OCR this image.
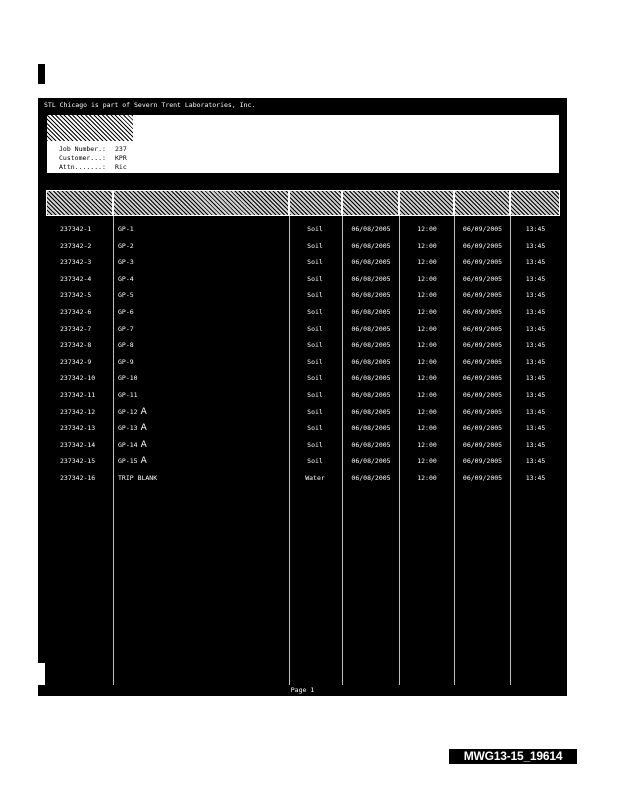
STL Chicago is part of Severn Trent Laboratories, Inc.
Job Number.:	237
Customer...:	KPR
Attn.......:	Ric
237342-1	GP-1	Soil	06/08/2005	12:00	06/09/2005	13:45
237342-2	GP-2	Soil	06/08/2005	12:00	06/09/2005	13:45
237342-3	GP-3	Soil	06/08/2005	12:00	06/09/2005	13:45
237342-4	GP-4	Soil	06/08/2005	12:00	06/09/2005	13:45
237342-5	GP-5	Soil	06/08/2005	12:00	06/09/2005	13:45
237342-6	GP-6	Soil	06/08/2005	12:00	06/09/2005	13:45
237342-7	GP-7	Soil	06/08/2005	12:00	06/09/2005	13:45
237342-8	GP-8	Soil	06/08/2005	12:00	06/09/2005	13:45
237342-9	GP-9	Soil	06/08/2005	12:00	06/09/2005	13:45
237342-10	GP-10	Soil	06/08/2005	12:00	06/09/2005	13:45
237342-11	GP-11	Soil	06/08/2005	12:00	06/09/2005	13:45
237342-12	GP-12 A	Soil	06/08/2005	12:00	06/09/2005	13:45
237342-13	GP-13 A	Soil	06/08/2005	12:00	06/09/2005	13:45
237342-14	GP-14 A	Soil	06/08/2005	12:00	06/09/2005	13:45
237342-15	GP-15 A	Soil	06/08/2005	12:00	06/09/2005	13:45
237342-16	TRIP BLANK	Water	06/08/2005	12:00	06/09/2005	13:45
Page 1
MWG13-15_19614
